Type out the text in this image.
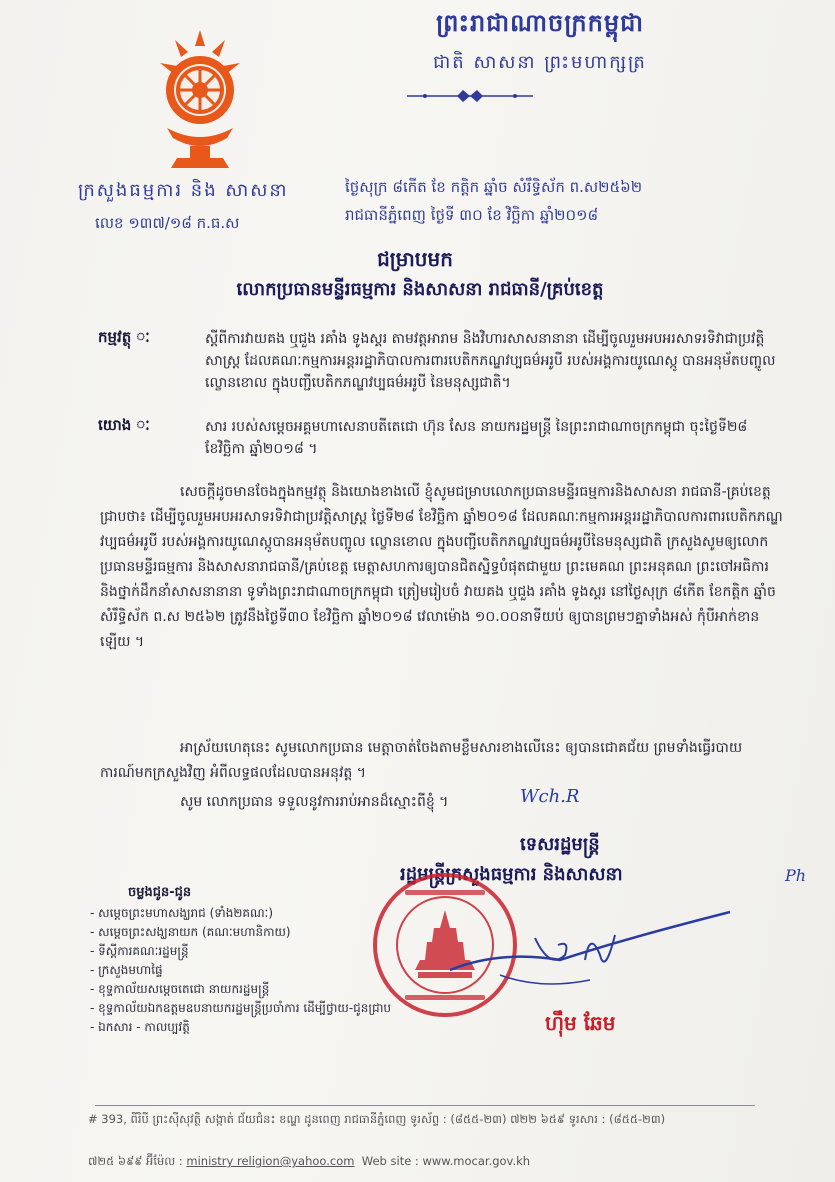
ព្រះរាជាណាចក្រកម្ពុជា
ជាតិ សាសនា ព្រះមហាក្សត្រ
ក្រសួងធម្មការ និង សាសនា
លេខ ១៣៧/១៨ ក.ធ.ស
ថ្ងៃសុក្រ ៨កើត ខែ កត្តិក ឆ្នាំច សំរឹទ្ធិស័ក ព.ស២៥៦២
រាជធានីភ្នំពេញ ថ្ងៃទី ៣០ ខែ វិច្ឆិកា ឆ្នាំ២០១៨
ជម្រាបមក
លោកប្រធានមន្ទីរធម្មការ និងសាសនា រាជធានី/គ្រប់ខេត្ត
កម្មវត្ថុ ៈ	ស្តីពីការវាយគង ឬជួង រគាំង ទូងស្គរ តាមវត្តអារាម និងវិហារសាសនានានា ដើម្បីចូលរួមអបអរសាទរទិវាជាប្រវត្តិសាស្រ្ត ដែលគណៈកម្មការអន្តររដ្ឋាភិបាលការពារបេតិកភណ្ឌវប្បធម៌អរូបី របស់អង្គការយូណេស្កូ បានអនុម័តបញ្ចូល ល្ខោនខោល ក្នុងបញ្ជីបេតិកភណ្ឌវប្បធម៌អរូបី នៃមនុស្សជាតិ។
យោង ៈ	សារ របស់សម្តេចអគ្គមហាសេនាបតីតេជោ ហ៊ុន សែន នាយករដ្ឋមន្ត្រី នៃព្រះរាជាណាចក្រកម្ពុជា ចុះថ្ងៃទី២៨ ខែវិច្ឆិកា ឆ្នាំ២០១៨ ។
សេចក្តីដូចមានចែងក្នុងកម្មវត្ថុ និងយោងខាងលើ ខ្ញុំសូមជម្រាបលោកប្រធានមន្ទីរធម្មការនិងសាសនា រាជធានី-គ្រប់ខេត្ត ជ្រាបថា៖ ដើម្បីចូលរួមអបអរសាទរទិវាជាប្រវត្តិសាស្រ្ត ថ្ងៃទី២៨ ខែវិច្ឆិកា ឆ្នាំ២០១៨ ដែលគណៈកម្មការអន្តររដ្ឋាភិបាលការពារបេតិកភណ្ឌវប្បធម៌អរូបី របស់អង្គការយូណេស្កូបានអនុម័តបញ្ចូល ល្ខោនខោល ក្នុងបញ្ជីបេតិកភណ្ឌវប្បធម៌អរូបីនៃមនុស្សជាតិ ក្រសួងសូមឲ្យលោកប្រធានមន្ទីរធម្មការ និងសាសនារាជធានី/គ្រប់ខេត្ត មេត្តាសហការឲ្យបានជិតស្និទ្ធបំផុតជាមួយ ព្រះមេគណ ព្រះអនុគណ ព្រះចៅអធិការ និងថ្នាក់ដឹកនាំសាសនានានា ទូទាំងព្រះរាជាណាចក្រកម្ពុជា ត្រៀមរៀបចំ វាយគង ឬជួង រគាំង ទូងស្គរ នៅថ្ងៃសុក្រ ៨កើត ខែកត្តិក ឆ្នាំច សំរឹទ្ធិស័ក ព.ស ២៥៦២ ត្រូវនឹងថ្ងៃទី៣០ ខែវិច្ឆិកា ឆ្នាំ២០១៨ វេលាម៉ោង ១០.០០នាទីយប់ ឲ្យបានព្រមៗគ្នាទាំងអស់ កុំបីអាក់ខានឡើយ ។
អាស្រ័យហេតុនេះ សូមលោកប្រធាន មេត្តាចាត់ចែងតាមខ្លឹមសារខាងលើនេះ ឲ្យបានជោគជ័យ ព្រមទាំងធ្វើរបាយការណ៍មកក្រសួងវិញ អំពីលទ្ធផលដែលបានអនុវត្ត ។
សូម លោកប្រធាន ទទួលនូវការរាប់អានដ៏ស្មោះពីខ្ញុំ ។	Wch.R
ទេសរដ្ឋមន្ត្រី
រដ្ឋមន្ត្រីក្រសួងធម្មការ និងសាសនា	Ph
ហ៊ឹម ឆែម
ចម្លងជូន-ជូន
- សម្តេចព្រះមហាសង្ឃរាជ (ទាំង២គណៈ)
- សម្តេចព្រះសង្ឃនាយក (គណៈមហានិកាយ)
- ទីស្តីការគណៈរដ្ឋមន្ត្រី
- ក្រសួងមហាផ្ទៃ
- ខុទ្ទកាល័យសម្តេចតេជោ នាយករដ្ឋមន្ត្រី
- ខុទ្ទកាល័យឯកឧត្តមឧបនាយករដ្ឋមន្ត្រីប្រចាំការ ដើម្បីថ្វាយ-ជូនជ្រាប
- ឯកសារ - កាលប្បវត្តិ
# 393, ពីរិបី ព្រះស៊ីសុវត្ថិ សង្កាត់ ជ័យជំនះ ខណ្ឌ ដូនពេញ រាជធានីភ្នំពេញ ទូរស័ព្ទ : (៨៥៥-២៣) ៧២២ ៦៥៩ ទូរសារ : (៨៥៥-២៣)
៧២៥ ៦៩៩ អ៊ីម៉ែល : ministry religion@yahoo.com Web site : www.mocar.gov.kh
